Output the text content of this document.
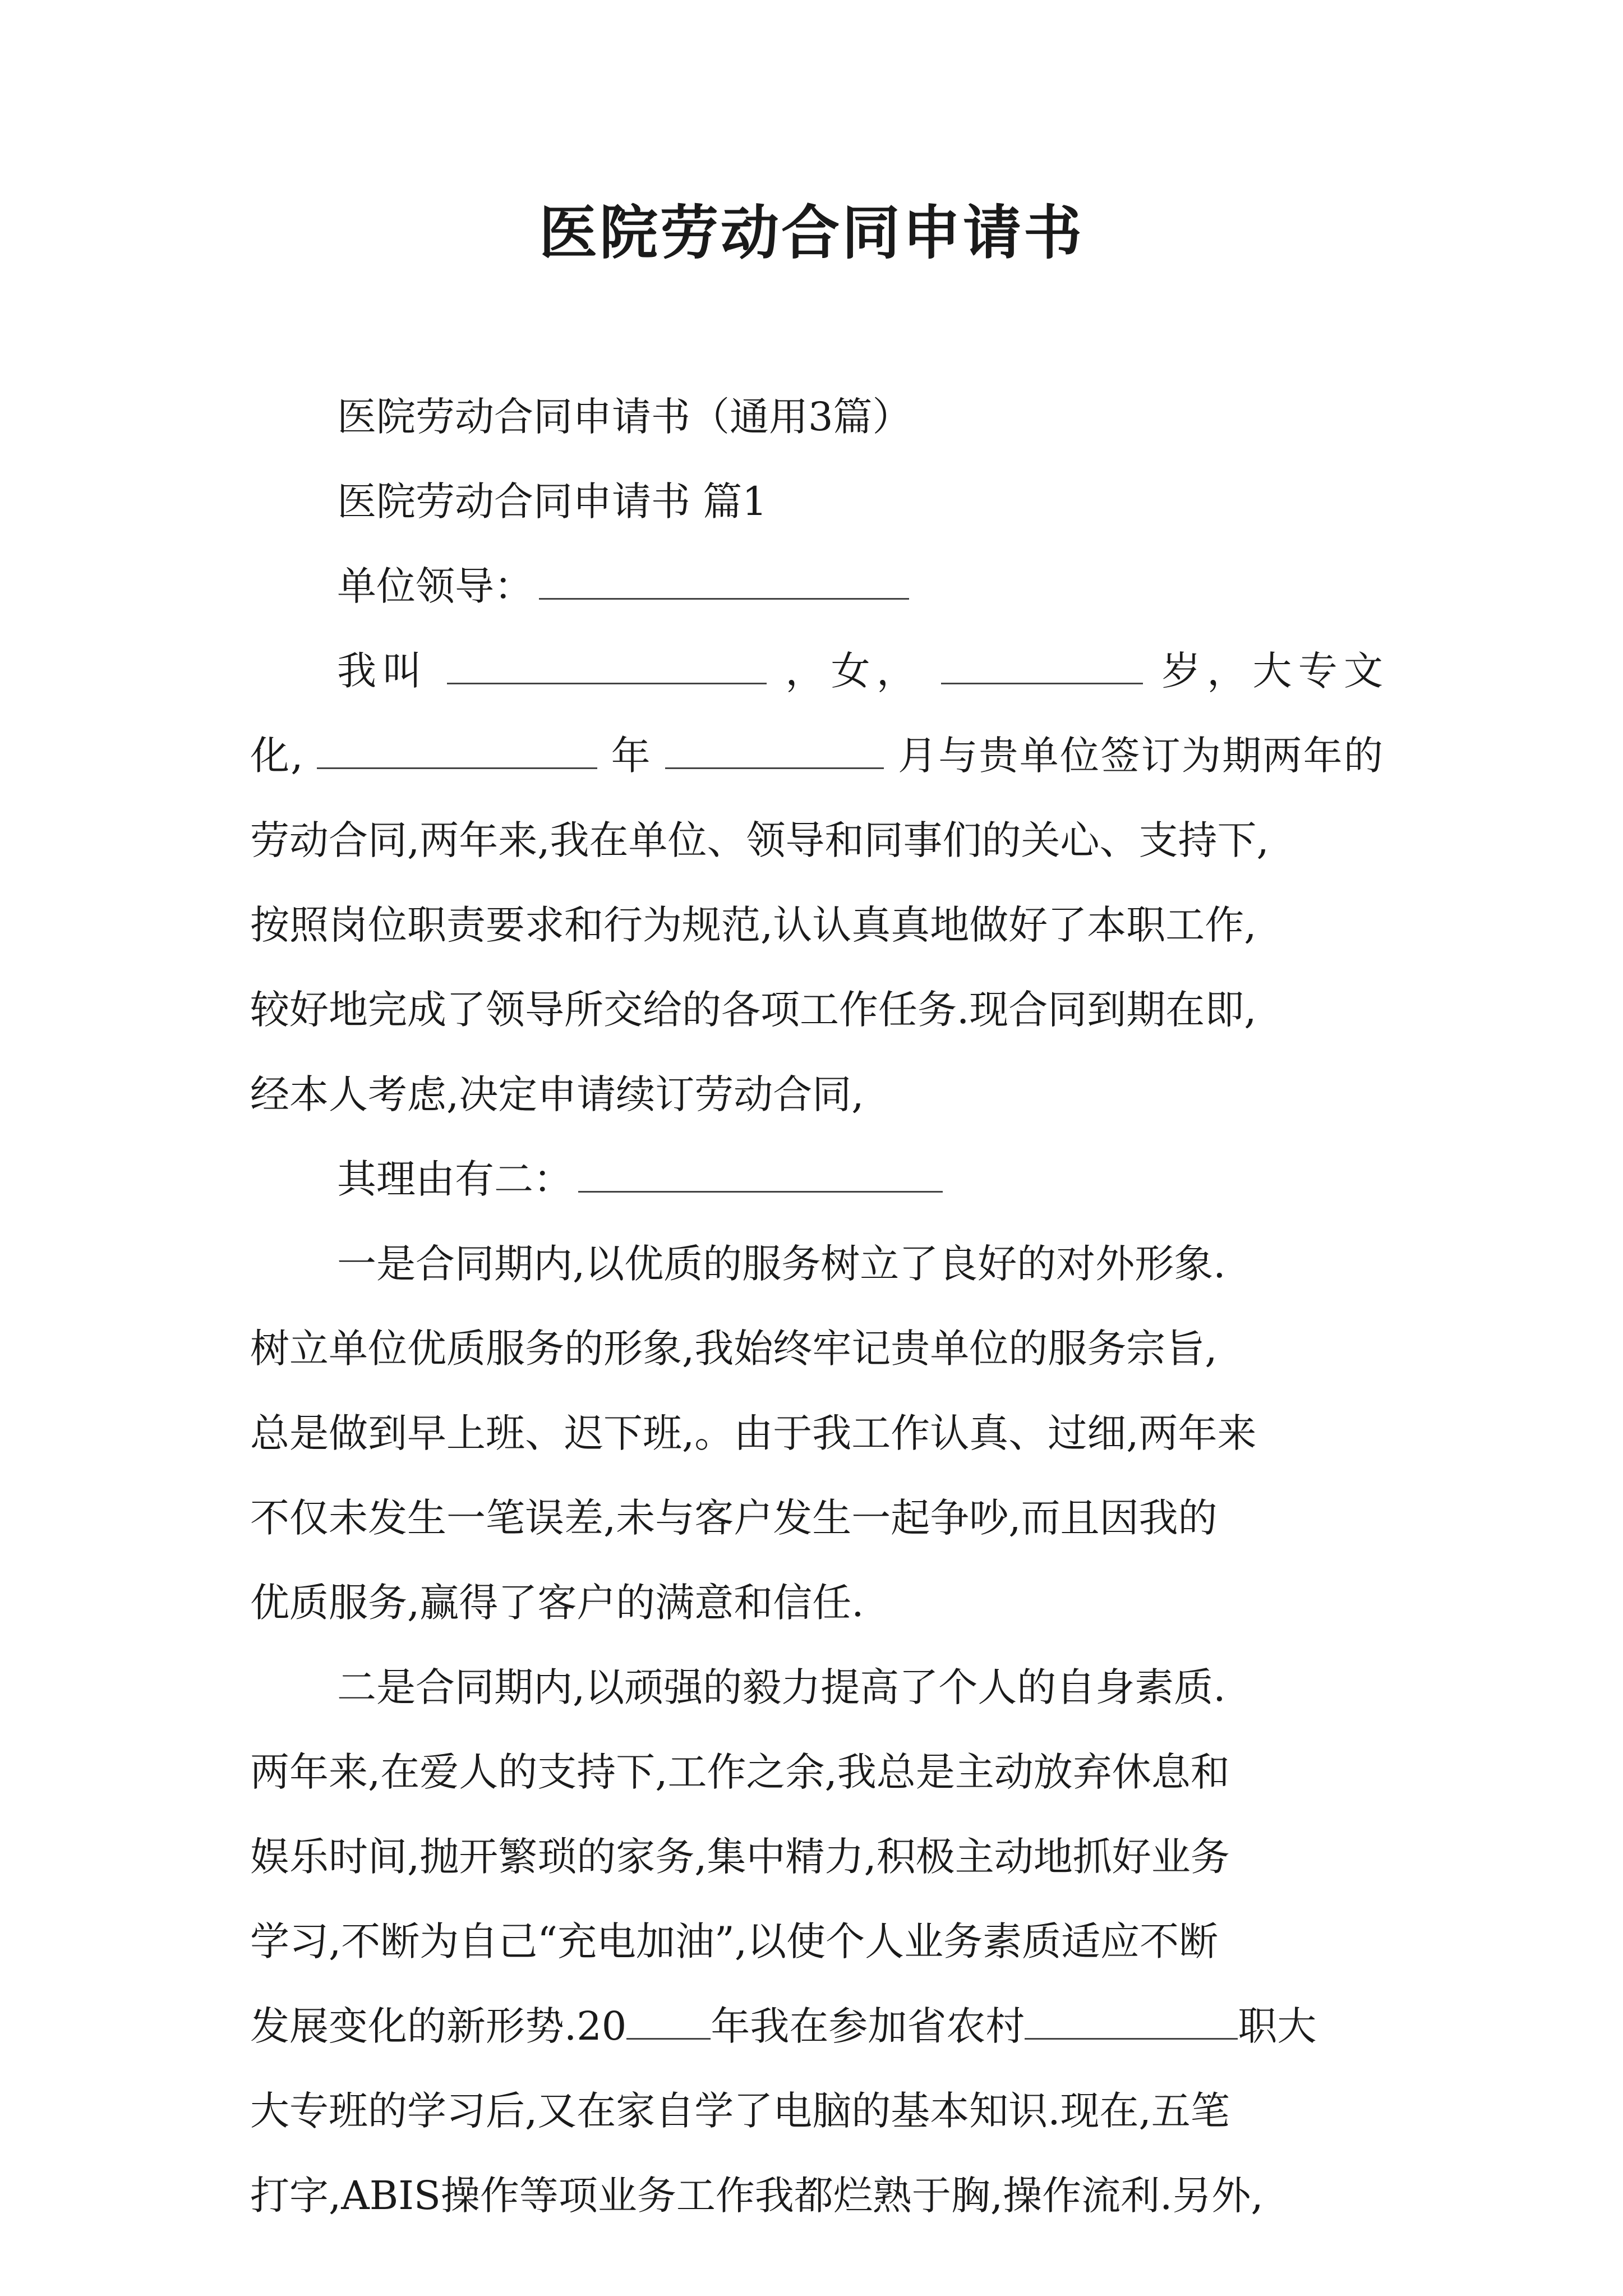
医院劳动合同申请书

医院劳动合同申请书（通用3篇）

医院劳动合同申请书 篇1

单位领导：

我叫	，女，	岁，大专文

化,	年	月与贵单位签订为期两年的

劳动合同,两年来,我在单位、领导和同事们的关心、支持下,

按照岗位职责要求和行为规范,认认真真地做好了本职工作,

较好地完成了领导所交给的各项工作任务.现合同到期在即,

经本人考虑,决定申请续订劳动合同,

其理由有二：

一是合同期内,以优质的服务树立了良好的对外形象.

树立单位优质服务的形象,我始终牢记贵单位的服务宗旨,

总是做到早上班、迟下班,。由于我工作认真、过细,两年来

不仅未发生一笔误差,未与客户发生一起争吵,而且因我的

优质服务,赢得了客户的满意和信任.

二是合同期内,以顽强的毅力提高了个人的自身素质.

两年来,在爱人的支持下,工作之余,我总是主动放弃休息和

娱乐时间,抛开繁琐的家务,集中精力,积极主动地抓好业务

学习,不断为自己“充电加油”,以使个人业务素质适应不断

发展变化的新形势.20 年我在参加省农村	职大

大专班的学习后,又在家自学了电脑的基本知识.现在,五笔

打字,ABIS操作等项业务工作我都烂熟于胸,操作流利.另外,
